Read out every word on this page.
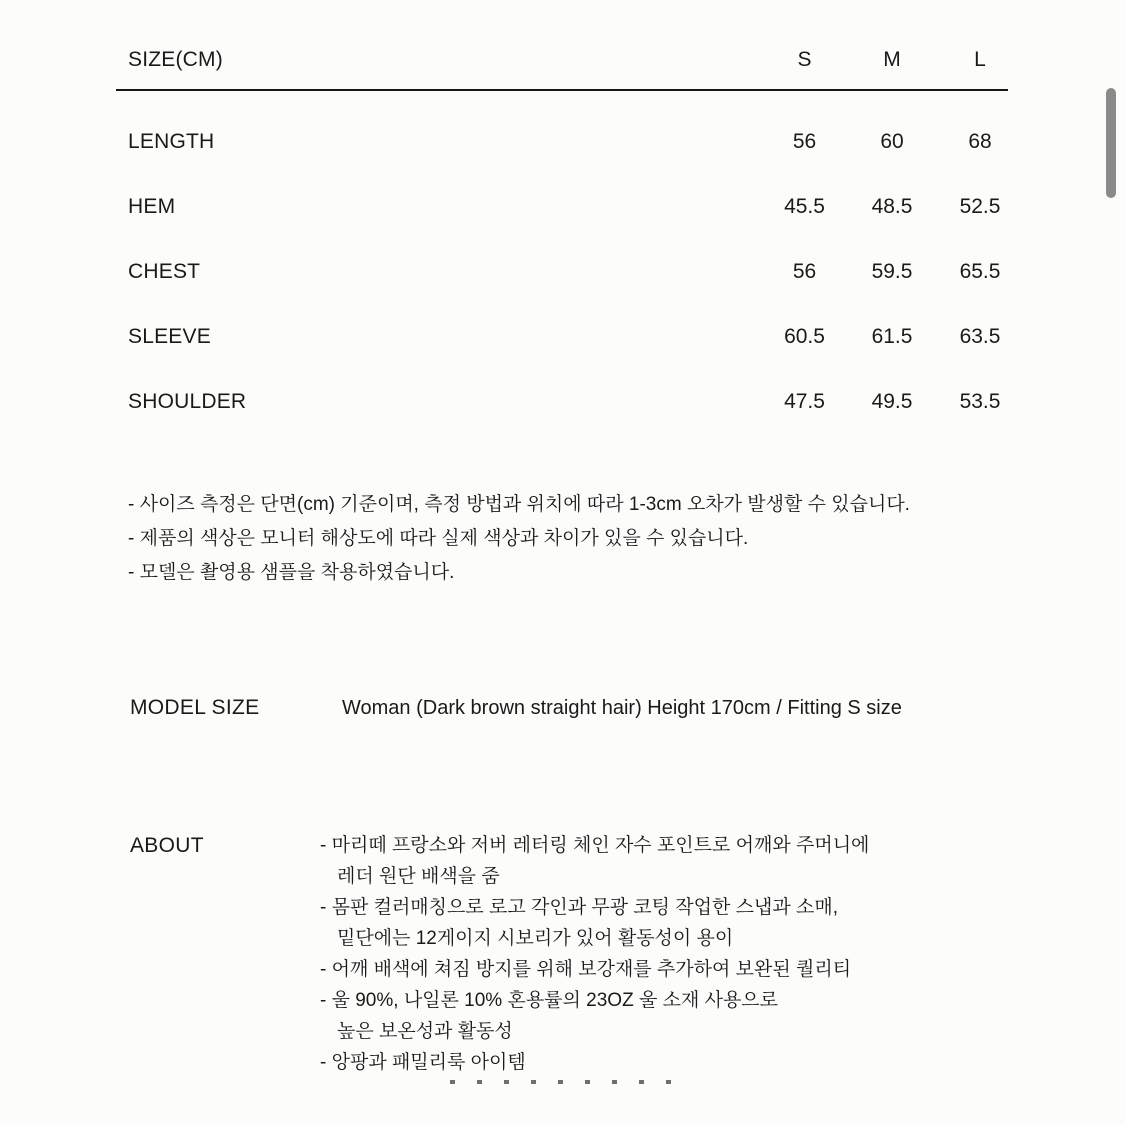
SIZE(CM)	S	M	L
LENGTH	56	60	68
HEM	45.5	48.5	52.5
CHEST	56	59.5	65.5
SLEEVE	60.5	61.5	63.5
SHOULDER	47.5	49.5	53.5
- 사이즈 측정은 단면(cm) 기준이며, 측정 방법과 위치에 따라 1-3cm 오차가 발생할 수 있습니다.
- 제품의 색상은 모니터 해상도에 따라 실제 색상과 차이가 있을 수 있습니다.
- 모델은 촬영용 샘플을 착용하였습니다.
MODEL SIZE	Woman (Dark brown straight hair) Height 170cm / Fitting S size
ABOUT	- 마리떼 프랑소와 저버 레터링 체인 자수 포인트로 어깨와 주머니에
레더 원단 배색을 줌
- 몸판 컬러매칭으로 로고 각인과 무광 코팅 작업한 스냅과 소매,
밑단에는 12게이지 시보리가 있어 활동성이 용이
- 어깨 배색에 쳐짐 방지를 위해 보강재를 추가하여 보완된 퀄리티
- 울 90%, 나일론 10% 혼용률의 23OZ 울 소재 사용으로
높은 보온성과 활동성
- 앙팡과 패밀리룩 아이템
